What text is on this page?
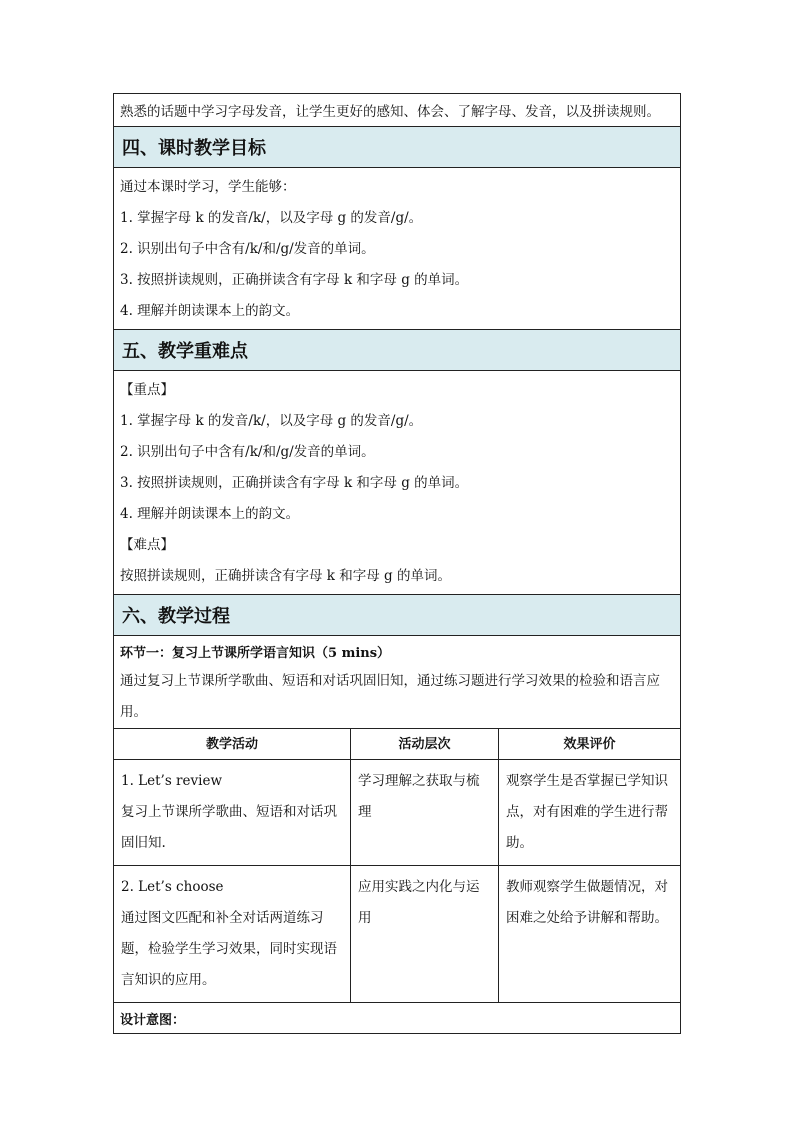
熟悉的话题中学习字母发音，让学生更好的感知、体会、了解字母、发音，以及拼读规则。
四、课时教学目标
通过本课时学习，学生能够：
1. 掌握字母 k 的发音/k/，以及字母 g 的发音/g/。
2. 识别出句子中含有/k/和/g/发音的单词。
3. 按照拼读规则，正确拼读含有字母 k 和字母 g 的单词。
4. 理解并朗读课本上的韵文。
五、教学重难点
【重点】
1. 掌握字母 k 的发音/k/，以及字母 g 的发音/g/。
2. 识别出句子中含有/k/和/g/发音的单词。
3. 按照拼读规则，正确拼读含有字母 k 和字母 g 的单词。
4. 理解并朗读课本上的韵文。
【难点】
按照拼读规则，正确拼读含有字母 k 和字母 g 的单词。
六、教学过程
环节一：复习上节课所学语言知识（5 mins）
通过复习上节课所学歌曲、短语和对话巩固旧知，通过练习题进行学习效果的检验和语言应用。
教学活动	活动层次	效果评价
1. Let’s review
复习上节课所学歌曲、短语和对话巩固旧知.
学习理解之获取与梳理
观察学生是否掌握已学知识点，对有困难的学生进行帮助。
2. Let’s choose
通过图文匹配和补全对话两道练习题，检验学生学习效果，同时实现语言知识的应用。
应用实践之内化与运用
教师观察学生做题情况，对困难之处给予讲解和帮助。
设计意图：
